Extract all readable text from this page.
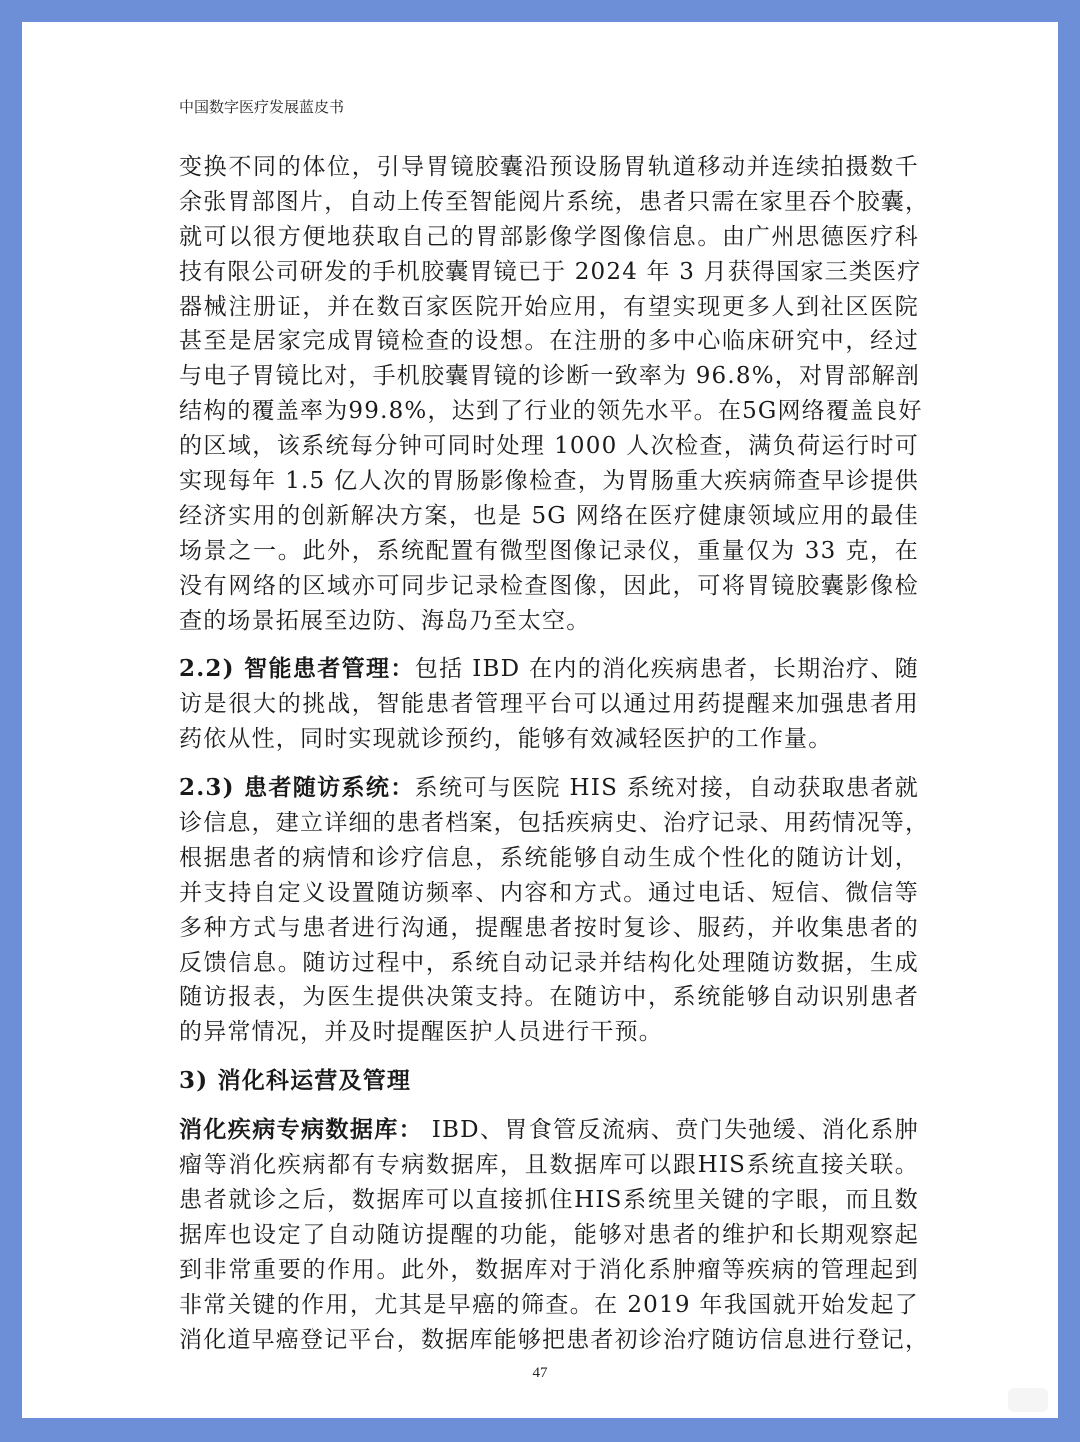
中国数字医疗发展蓝皮书
变换不同的体位，引导胃镜胶囊沿预设肠胃轨道移动并连续拍摄数千
余张胃部图片，自动上传至智能阅片系统，患者只需在家里吞个胶囊，
就可以很方便地获取自己的胃部影像学图像信息。由广州思德医疗科
技有限公司研发的手机胶囊胃镜已于 2024 年 3 月获得国家三类医疗
器械注册证，并在数百家医院开始应用，有望实现更多人到社区医院
甚至是居家完成胃镜检查的设想。在注册的多中心临床研究中，经过
与电子胃镜比对，手机胶囊胃镜的诊断一致率为 96.8%，对胃部解剖
结构的覆盖率为99.8%，达到了行业的领先水平。在5G网络覆盖良好
的区域，该系统每分钟可同时处理 1000 人次检查，满负荷运行时可
实现每年 1.5 亿人次的胃肠影像检查，为胃肠重大疾病筛查早诊提供
经济实用的创新解决方案，也是 5G 网络在医疗健康领域应用的最佳
场景之一。此外，系统配置有微型图像记录仪，重量仅为 33 克，在
没有网络的区域亦可同步记录检查图像，因此，可将胃镜胶囊影像检
查的场景拓展至边防、海岛乃至太空。
2.2) 智能患者管理：包括 IBD 在内的消化疾病患者，长期治疗、随
访是很大的挑战，智能患者管理平台可以通过用药提醒来加强患者用
药依从性，同时实现就诊预约，能够有效减轻医护的工作量。
2.3) 患者随访系统：系统可与医院 HIS 系统对接，自动获取患者就
诊信息，建立详细的患者档案，包括疾病史、治疗记录、用药情况等，
根据患者的病情和诊疗信息，系统能够自动生成个性化的随访计划，
并支持自定义设置随访频率、内容和方式。通过电话、短信、微信等
多种方式与患者进行沟通，提醒患者按时复诊、服药，并收集患者的
反馈信息。随访过程中，系统自动记录并结构化处理随访数据，生成
随访报表，为医生提供决策支持。在随访中，系统能够自动识别患者
的异常情况，并及时提醒医护人员进行干预。
3) 消化科运营及管理
消化疾病专病数据库： IBD、胃食管反流病、贲门失弛缓、消化系肿
瘤等消化疾病都有专病数据库，且数据库可以跟HIS系统直接关联。
患者就诊之后，数据库可以直接抓住HIS系统里关键的字眼，而且数
据库也设定了自动随访提醒的功能，能够对患者的维护和长期观察起
到非常重要的作用。此外，数据库对于消化系肿瘤等疾病的管理起到
非常关键的作用，尤其是早癌的筛查。在 2019 年我国就开始发起了
消化道早癌登记平台，数据库能够把患者初诊治疗随访信息进行登记，
47
